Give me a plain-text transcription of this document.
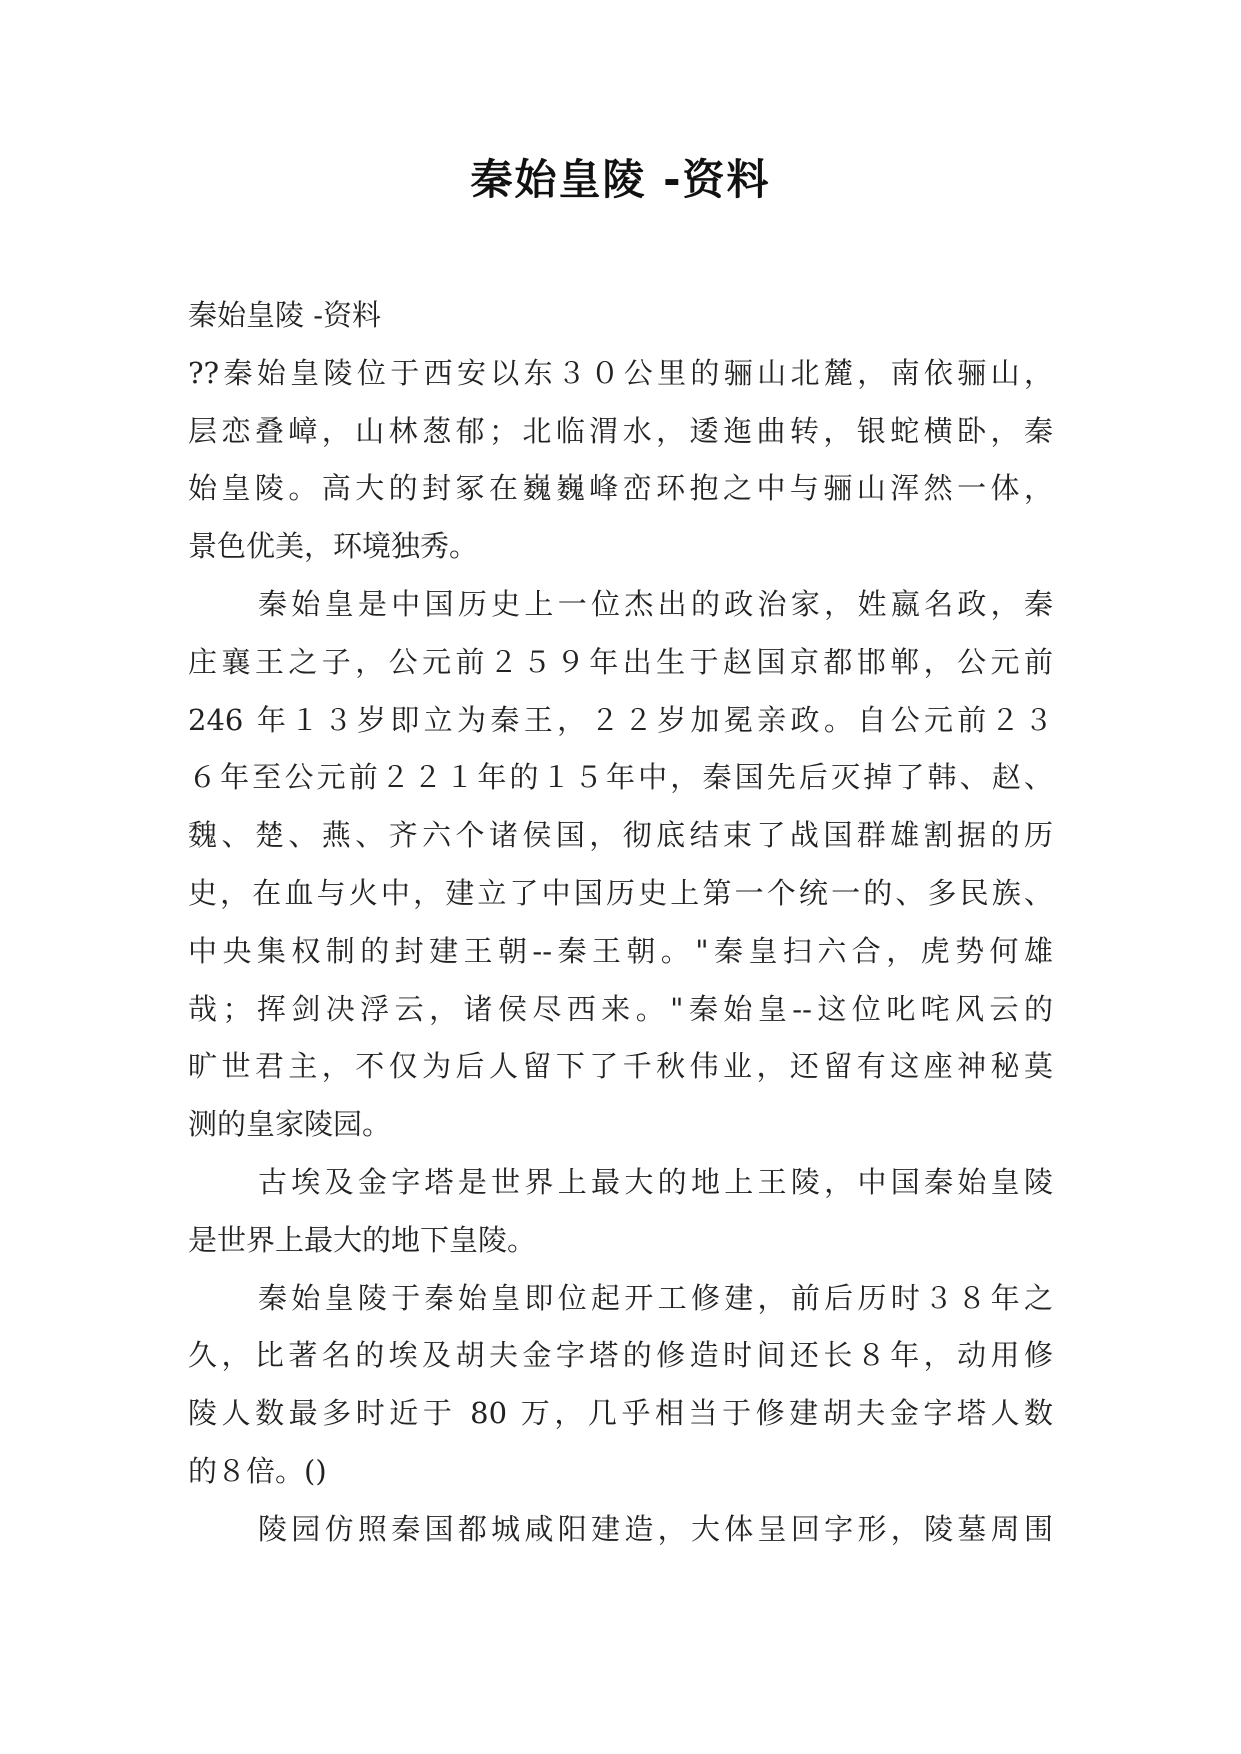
秦始皇陵 -资料
秦始皇陵 -资料
??秦始皇陵位于西安以东３０公里的骊山北麓，南依骊山，
层恋叠嶂，山林葱郁；北临渭水，逶迤曲转，银蛇横卧，秦
始皇陵。高大的封冢在巍巍峰峦环抱之中与骊山浑然一体，
景色优美，环境独秀。
秦始皇是中国历史上一位杰出的政治家，姓嬴名政，秦
庄襄王之子，公元前２５９年出生于赵国京都邯郸，公元前
246 年１３岁即立为秦王，２２岁加冕亲政。自公元前２３
６年至公元前２２１年的１５年中，秦国先后灭掉了韩、赵、
魏、楚、燕、齐六个诸侯国，彻底结束了战国群雄割据的历
史，在血与火中，建立了中国历史上第一个统一的、多民族、
中央集权制的封建王朝--秦王朝。"秦皇扫六合，虎势何雄
哉；挥剑决浮云，诸侯尽西来。"秦始皇--这位叱咤风云的
旷世君主，不仅为后人留下了千秋伟业，还留有这座神秘莫
测的皇家陵园。
古埃及金字塔是世界上最大的地上王陵，中国秦始皇陵
是世界上最大的地下皇陵。
秦始皇陵于秦始皇即位起开工修建，前后历时３８年之
久，比著名的埃及胡夫金字塔的修造时间还长８年，动用修
陵人数最多时近于 80 万，几乎相当于修建胡夫金字塔人数
的８倍。()
陵园仿照秦国都城咸阳建造，大体呈回字形，陵墓周围
